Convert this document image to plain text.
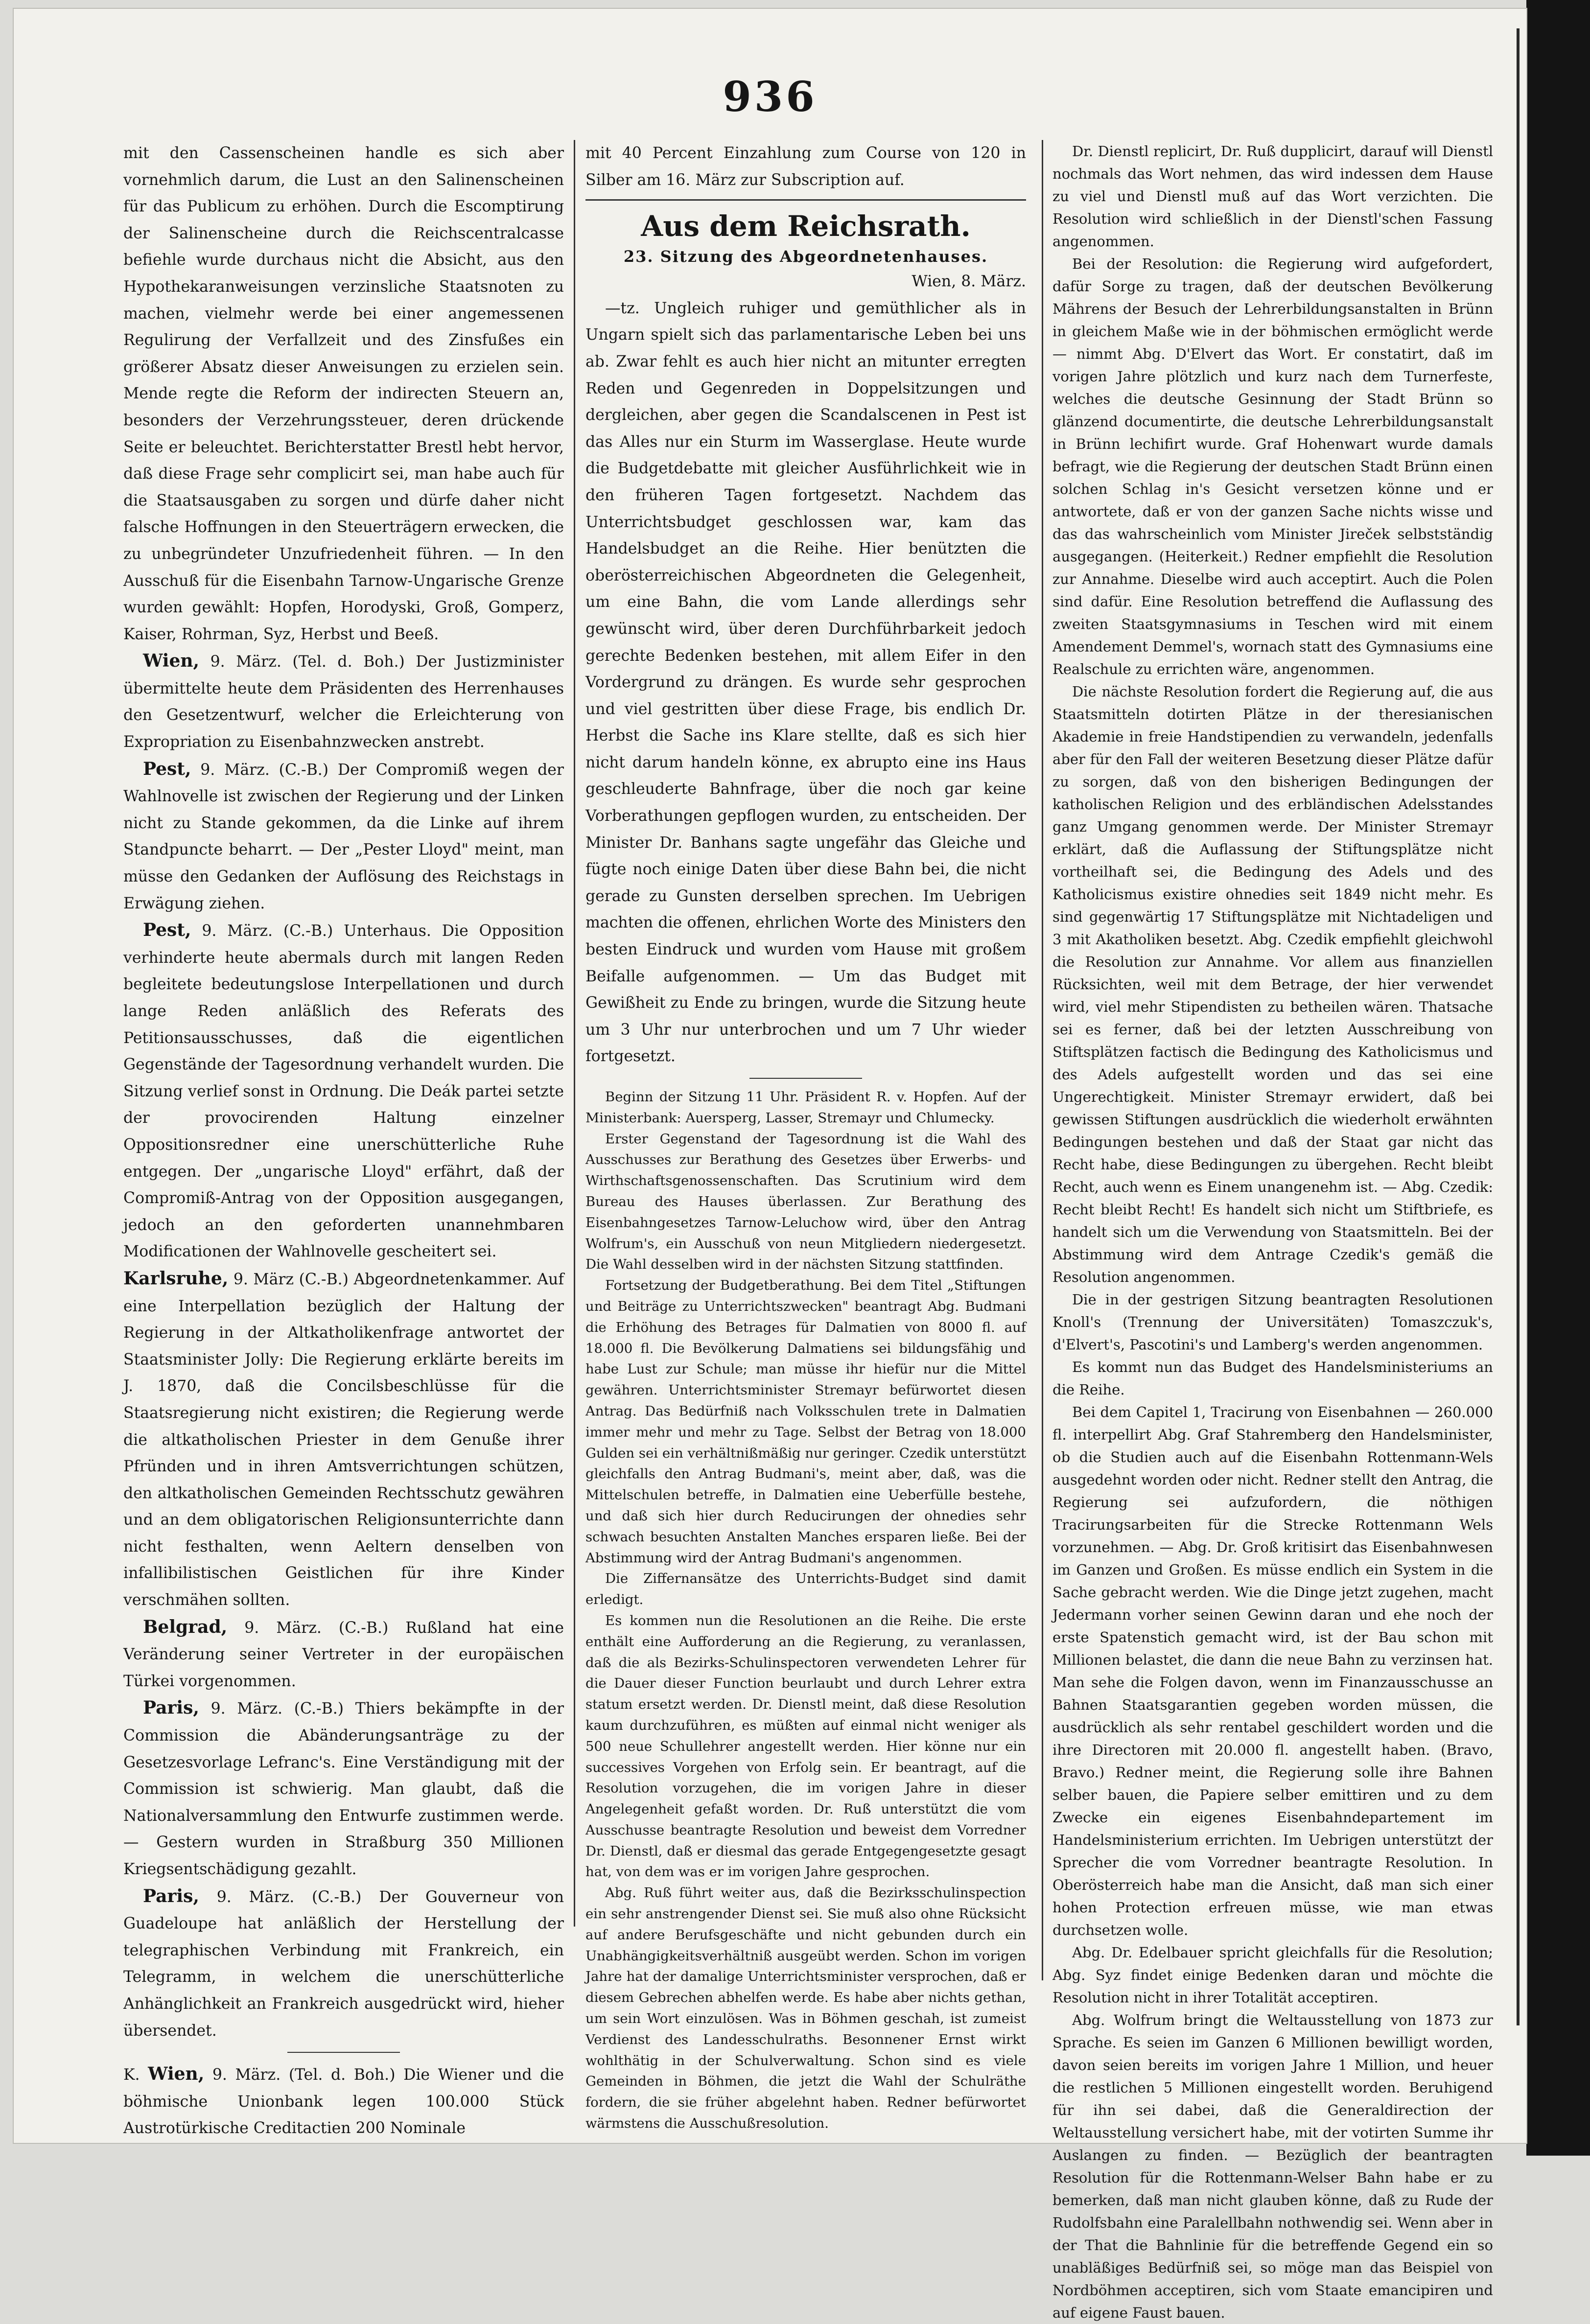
936

mit den Cassenscheinen handle es sich aber vornehmlich darum, die Lust an den Salinenscheinen für das Publicum zu erhöhen. Durch die Escomptirung der Salinenscheine durch die Reichscentralcasse befiehle wurde durchaus nicht die Absicht, aus den Hypothekaranweisungen verzinsliche Staatsnoten zu machen, vielmehr werde bei einer angemessenen Regulirung der Verfallzeit und des Zinsfußes ein größerer Absatz dieser Anweisungen zu erzielen sein. Mende regte die Reform der indirecten Steuern an, besonders der Verzehrungssteuer, deren drückende Seite er beleuchtet. Berichterstatter Brestl hebt hervor, daß diese Frage sehr complicirt sei, man habe auch für die Staatsausgaben zu sorgen und dürfe daher nicht falsche Hoffnungen in den Steuerträgern erwecken, die zu unbegründeter Unzufriedenheit führen. — In den Ausschuß für die Eisenbahn Tarnow-Ungarische Grenze wurden gewählt: Hopfen, Horodyski, Groß, Gomperz, Kaiser, Rohrman, Syz, Herbst und Beeß.

Wien, 9. März. (Tel. d. Boh.) Der Justizminister übermittelte heute dem Präsidenten des Herrenhauses den Gesetzentwurf, welcher die Erleichterung von Expropriation zu Eisenbahnzwecken anstrebt.

Pest, 9. März. (C.-B.) Der Compromiß wegen der Wahlnovelle ist zwischen der Regierung und der Linken nicht zu Stande gekommen, da die Linke auf ihrem Standpuncte beharrt. — Der „Pester Lloyd" meint, man müsse den Gedanken der Auflösung des Reichstags in Erwägung ziehen.

Pest, 9. März. (C.-B.) Unterhaus. Die Opposition verhinderte heute abermals durch mit langen Reden begleitete bedeutungslose Interpellationen und durch lange Reden anläßlich des Referats des Petitionsausschusses, daß die eigentlichen Gegenstände der Tagesordnung verhandelt wurden. Die Sitzung verlief sonst in Ordnung. Die Deák partei setzte der provocirenden Haltung einzelner Oppositionsredner eine unerschütterliche Ruhe entgegen. Der „ungarische Lloyd" erfährt, daß der Compromiß-Antrag von der Opposition ausgegangen, jedoch an den geforderten unannehmbaren Modificationen der Wahlnovelle gescheitert sei.

Karlsruhe, 9. März (C.-B.) Abgeordnetenkammer. Auf eine Interpellation bezüglich der Haltung der Regierung in der Altkatholikenfrage antwortet der Staatsminister Jolly: Die Regierung erklärte bereits im J. 1870, daß die Concilsbeschlüsse für die Staatsregierung nicht existiren; die Regierung werde die altkatholischen Priester in dem Genuße ihrer Pfründen und in ihren Amtsverrichtungen schützen, den altkatholischen Gemeinden Rechtsschutz gewähren und an dem obligatorischen Religionsunterrichte dann nicht festhalten, wenn Aeltern denselben von infallibilistischen Geistlichen für ihre Kinder verschmähen sollten.

Belgrad, 9. März. (C.-B.) Rußland hat eine Veränderung seiner Vertreter in der europäischen Türkei vorgenommen.

Paris, 9. März. (C.-B.) Thiers bekämpfte in der Commission die Abänderungsanträge zu der Gesetzesvorlage Lefranc's. Eine Verständigung mit der Commission ist schwierig. Man glaubt, daß die Nationalversammlung den Entwurfe zustimmen werde. — Gestern wurden in Straßburg 350 Millionen Kriegsentschädigung gezahlt.

Paris, 9. März. (C.-B.) Der Gouverneur von Guadeloupe hat anläßlich der Herstellung der telegraphischen Verbindung mit Frankreich, ein Telegramm, in welchem die unerschütterliche Anhänglichkeit an Frankreich ausgedrückt wird, hieher übersendet.

K. Wien, 9. März. (Tel. d. Boh.) Die Wiener und die böhmische Unionbank legen 100.000 Stück Austrotürkische Creditactien 200 Nominale

mit 40 Percent Einzahlung zum Course von 120 in Silber am 16. März zur Subscription auf.

Aus dem Reichsrath.

23. Sitzung des Abgeordnetenhauses.

Wien, 8. März.

—tz. Ungleich ruhiger und gemüthlicher als in Ungarn spielt sich das parlamentarische Leben bei uns ab. Zwar fehlt es auch hier nicht an mitunter erregten Reden und Gegenreden in Doppelsitzungen und dergleichen, aber gegen die Scandalscenen in Pest ist das Alles nur ein Sturm im Wasserglase. Heute wurde die Budgetdebatte mit gleicher Ausführlichkeit wie in den früheren Tagen fortgesetzt. Nachdem das Unterrichtsbudget geschlossen war, kam das Handelsbudget an die Reihe. Hier benützten die oberösterreichischen Abgeordneten die Gelegenheit, um eine Bahn, die vom Lande allerdings sehr gewünscht wird, über deren Durchführbarkeit jedoch gerechte Bedenken bestehen, mit allem Eifer in den Vordergrund zu drängen. Es wurde sehr gesprochen und viel gestritten über diese Frage, bis endlich Dr. Herbst die Sache ins Klare stellte, daß es sich hier nicht darum handeln könne, ex abrupto eine ins Haus geschleuderte Bahnfrage, über die noch gar keine Vorberathungen gepflogen wurden, zu entscheiden. Der Minister Dr. Banhans sagte ungefähr das Gleiche und fügte noch einige Daten über diese Bahn bei, die nicht gerade zu Gunsten derselben sprechen. Im Uebrigen machten die offenen, ehrlichen Worte des Ministers den besten Eindruck und wurden vom Hause mit großem Beifalle aufgenommen. — Um das Budget mit Gewißheit zu Ende zu bringen, wurde die Sitzung heute um 3 Uhr nur unterbrochen und um 7 Uhr wieder fortgesetzt.

Beginn der Sitzung 11 Uhr. Präsident R. v. Hopfen. Auf der Ministerbank: Auersperg, Lasser, Stremayr und Chlumecky.

Erster Gegenstand der Tagesordnung ist die Wahl des Ausschusses zur Berathung des Gesetzes über Erwerbs- und Wirthschaftsgenossenschaften. Das Scrutinium wird dem Bureau des Hauses überlassen. Zur Berathung des Eisenbahngesetzes Tarnow-Leluchow wird, über den Antrag Wolfrum's, ein Ausschuß von neun Mitgliedern niedergesetzt. Die Wahl desselben wird in der nächsten Sitzung stattfinden.

Fortsetzung der Budgetberathung. Bei dem Titel „Stiftungen und Beiträge zu Unterrichtszwecken" beantragt Abg. Budmani die Erhöhung des Betrages für Dalmatien von 8000 fl. auf 18.000 fl. Die Bevölkerung Dalmatiens sei bildungsfähig und habe Lust zur Schule; man müsse ihr hiefür nur die Mittel gewähren. Unterrichtsminister Stremayr befürwortet diesen Antrag. Das Bedürfniß nach Volksschulen trete in Dalmatien immer mehr und mehr zu Tage. Selbst der Betrag von 18.000 Gulden sei ein verhältnißmäßig nur geringer. Czedik unterstützt gleichfalls den Antrag Budmani's, meint aber, daß, was die Mittelschulen betreffe, in Dalmatien eine Ueberfülle bestehe, und daß sich hier durch Reducirungen der ohnedies sehr schwach besuchten Anstalten Manches ersparen ließe. Bei der Abstimmung wird der Antrag Budmani's angenommen.

Die Ziffernansätze des Unterrichts-Budget sind damit erledigt.

Es kommen nun die Resolutionen an die Reihe. Die erste enthält eine Aufforderung an die Regierung, zu veranlassen, daß die als Bezirks-Schulinspectoren verwendeten Lehrer für die Dauer dieser Function beurlaubt und durch Lehrer extra statum ersetzt werden. Dr. Dienstl meint, daß diese Resolution kaum durchzuführen, es müßten auf einmal nicht weniger als 500 neue Schullehrer angestellt werden. Hier könne nur ein successives Vorgehen von Erfolg sein. Er beantragt, auf die Resolution vorzugehen, die im vorigen Jahre in dieser Angelegenheit gefaßt worden. Dr. Ruß unterstützt die vom Ausschusse beantragte Resolution und beweist dem Vorredner Dr. Dienstl, daß er diesmal das gerade Entgegengesetzte gesagt hat, von dem was er im vorigen Jahre gesprochen.

Abg. Ruß führt weiter aus, daß die Bezirksschulinspection ein sehr anstrengender Dienst sei. Sie muß also ohne Rücksicht auf andere Berufsgeschäfte und nicht gebunden durch ein Unabhängigkeitsverhältniß ausgeübt werden. Schon im vorigen Jahre hat der damalige Unterrichtsminister versprochen, daß er diesem Gebrechen abhelfen werde. Es habe aber nichts gethan, um sein Wort einzulösen. Was in Böhmen geschah, ist zumeist Verdienst des Landesschulraths. Besonnener Ernst wirkt wohlthätig in der Schulverwaltung. Schon sind es viele Gemeinden in Böhmen, die jetzt die Wahl der Schulräthe fordern, die sie früher abgelehnt haben. Redner befürwortet wärmstens die Ausschußresolution.

Dr. Dienstl replicirt, Dr. Ruß dupplicirt, darauf will Dienstl nochmals das Wort nehmen, das wird indessen dem Hause zu viel und Dienstl muß auf das Wort verzichten. Die Resolution wird schließlich in der Dienstl'schen Fassung angenommen.

Bei der Resolution: die Regierung wird aufgefordert, dafür Sorge zu tragen, daß der deutschen Bevölkerung Mährens der Besuch der Lehrerbildungsanstalten in Brünn in gleichem Maße wie in der böhmischen ermöglicht werde — nimmt Abg. D'Elvert das Wort. Er constatirt, daß im vorigen Jahre plötzlich und kurz nach dem Turnerfeste, welches die deutsche Gesinnung der Stadt Brünn so glänzend documentirte, die deutsche Lehrerbildungsanstalt in Brünn lechifirt wurde. Graf Hohenwart wurde damals befragt, wie die Regierung der deutschen Stadt Brünn einen solchen Schlag in's Gesicht versetzen könne und er antwortete, daß er von der ganzen Sache nichts wisse und das das wahrscheinlich vom Minister Jireček selbstständig ausgegangen. (Heiterkeit.) Redner empfiehlt die Resolution zur Annahme. Dieselbe wird auch acceptirt. Auch die Polen sind dafür. Eine Resolution betreffend die Auflassung des zweiten Staatsgymnasiums in Teschen wird mit einem Amendement Demmel's, wornach statt des Gymnasiums eine Realschule zu errichten wäre, angenommen.

Die nächste Resolution fordert die Regierung auf, die aus Staatsmitteln dotirten Plätze in der theresianischen Akademie in freie Handstipendien zu verwandeln, jedenfalls aber für den Fall der weiteren Besetzung dieser Plätze dafür zu sorgen, daß von den bisherigen Bedingungen der katholischen Religion und des erbländischen Adelsstandes ganz Umgang genommen werde. Der Minister Stremayr erklärt, daß die Auflassung der Stiftungsplätze nicht vortheilhaft sei, die Bedingung des Adels und des Katholicismus existire ohnedies seit 1849 nicht mehr. Es sind gegenwärtig 17 Stiftungsplätze mit Nichtadeligen und 3 mit Akatholiken besetzt. Abg. Czedik empfiehlt gleichwohl die Resolution zur Annahme. Vor allem aus finanziellen Rücksichten, weil mit dem Betrage, der hier verwendet wird, viel mehr Stipendisten zu betheilen wären. Thatsache sei es ferner, daß bei der letzten Ausschreibung von Stiftsplätzen factisch die Bedingung des Katholicismus und des Adels aufgestellt worden und das sei eine Ungerechtigkeit. Minister Stremayr erwidert, daß bei gewissen Stiftungen ausdrücklich die wiederholt erwähnten Bedingungen bestehen und daß der Staat gar nicht das Recht habe, diese Bedingungen zu übergehen. Recht bleibt Recht, auch wenn es Einem unangenehm ist. — Abg. Czedik: Recht bleibt Recht! Es handelt sich nicht um Stiftbriefe, es handelt sich um die Verwendung von Staatsmitteln. Bei der Abstimmung wird dem Antrage Czedik's gemäß die Resolution angenommen.

Die in der gestrigen Sitzung beantragten Resolutionen Knoll's (Trennung der Universitäten) Tomaszczuk's, d'Elvert's, Pascotini's und Lamberg's werden angenommen.

Es kommt nun das Budget des Handelsministeriums an die Reihe.

Bei dem Capitel 1, Tracirung von Eisenbahnen — 260.000 fl. interpellirt Abg. Graf Stahremberg den Handelsminister, ob die Studien auch auf die Eisenbahn Rottenmann-Wels ausgedehnt worden oder nicht. Redner stellt den Antrag, die Regierung sei aufzufordern, die nöthigen Tracirungsarbeiten für die Strecke Rottenmann Wels vorzunehmen. — Abg. Dr. Groß kritisirt das Eisenbahnwesen im Ganzen und Großen. Es müsse endlich ein System in die Sache gebracht werden. Wie die Dinge jetzt zugehen, macht Jedermann vorher seinen Gewinn daran und ehe noch der erste Spatenstich gemacht wird, ist der Bau schon mit Millionen belastet, die dann die neue Bahn zu verzinsen hat. Man sehe die Folgen davon, wenn im Finanzausschusse an Bahnen Staatsgarantien gegeben worden müssen, die ausdrücklich als sehr rentabel geschildert worden und die ihre Directoren mit 20.000 fl. angestellt haben. (Bravo, Bravo.) Redner meint, die Regierung solle ihre Bahnen selber bauen, die Papiere selber emittiren und zu dem Zwecke ein eigenes Eisenbahndepartement im Handelsministerium errichten. Im Uebrigen unterstützt der Sprecher die vom Vorredner beantragte Resolution. In Oberösterreich habe man die Ansicht, daß man sich einer hohen Protection erfreuen müsse, wie man etwas durchsetzen wolle.

Abg. Dr. Edelbauer spricht gleichfalls für die Resolution; Abg. Syz findet einige Bedenken daran und möchte die Resolution nicht in ihrer Totalität acceptiren.

Abg. Wolfrum bringt die Weltausstellung von 1873 zur Sprache. Es seien im Ganzen 6 Millionen bewilligt worden, davon seien bereits im vorigen Jahre 1 Million, und heuer die restlichen 5 Millionen eingestellt worden. Beruhigend für ihn sei dabei, daß die Generaldirection der Weltausstellung versichert habe, mit der votirten Summe ihr Auslangen zu finden. — Bezüglich der beantragten Resolution für die Rottenmann-Welser Bahn habe er zu bemerken, daß man nicht glauben könne, daß zu Rude der Rudolfsbahn eine Paralellbahn nothwendig sei. Wenn aber in der That die Bahnlinie für die betreffende Gegend ein so unabläßiges Bedürfniß sei, so möge man das Beispiel von Nordböhmen acceptiren, sich vom Staate emancipiren und auf eigene Faust bauen.
